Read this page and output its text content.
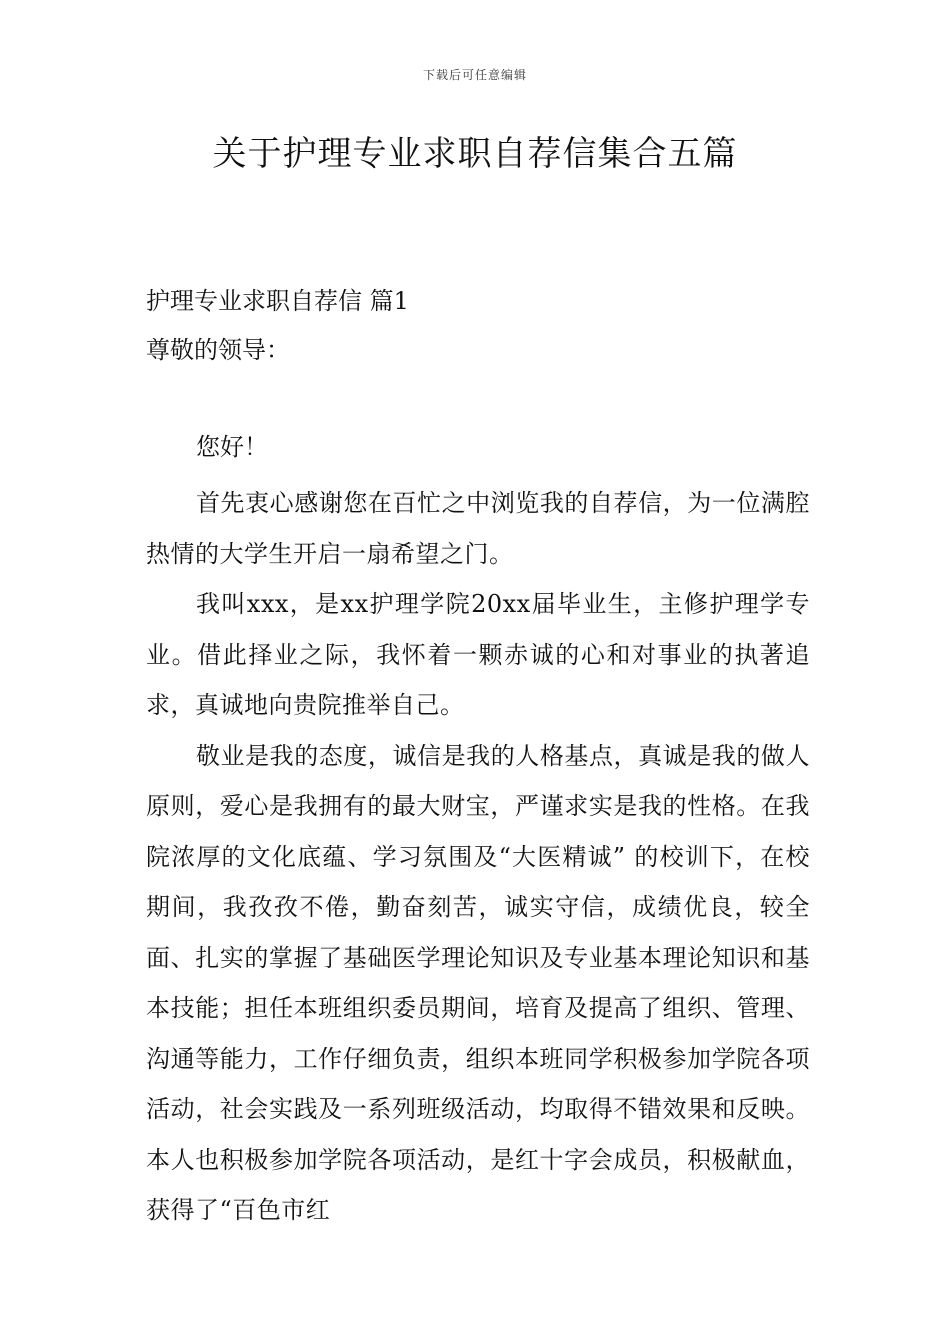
下载后可任意编辑
关于护理专业求职自荐信集合五篇
护理专业求职自荐信 篇1
尊敬的领导：
您好！

首先衷心感谢您在百忙之中浏览我的自荐信，为一位满腔热情的大学生开启一扇希望之门。

我叫xxx，是xx护理学院20xx届毕业生，主修护理学专业。借此择业之际，我怀着一颗赤诚的心和对事业的执著追求，真诚地向贵院推举自己。

敬业是我的态度，诚信是我的人格基点，真诚是我的做人原则，爱心是我拥有的最大财宝，严谨求实是我的性格。在我院浓厚的文化底蕴、学习氛围及“大医精诚” 的校训下，在校期间，我孜孜不倦，勤奋刻苦，诚实守信，成绩优良，较全面、扎实的掌握了基础医学理论知识及专业基本理论知识和基本技能；担任本班组织委员期间，培育及提高了组织、管理、沟通等能力，工作仔细负责，组织本班同学积极参加学院各项活动，社会实践及一系列班级活动，均取得不错效果和反映。本人也积极参加学院各项活动，是红十字会成员，积极献血，获得了“百色市红
